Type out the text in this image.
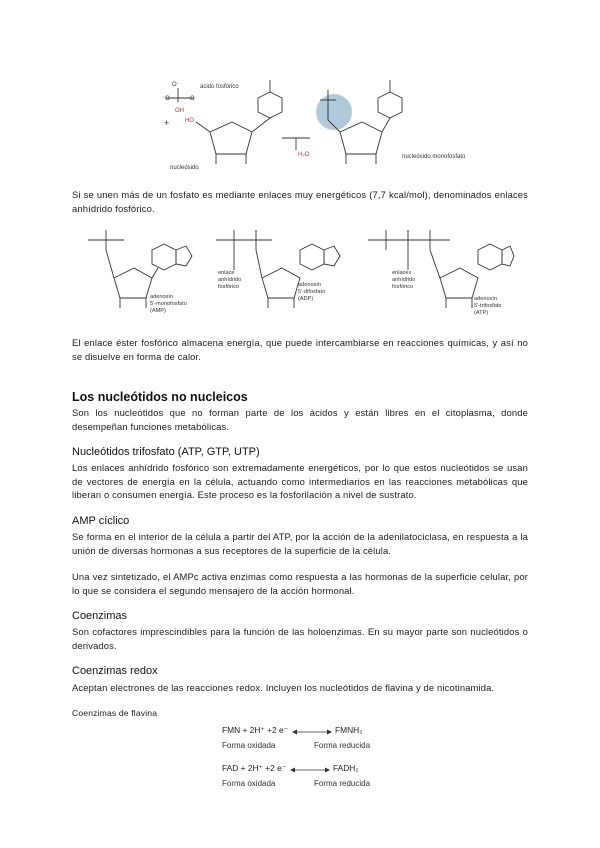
O⁻
⁻O	O
OH
+	HO
H₂O
ácido fosfórico
nucleósido
nucleósido monofosfato
Si se unen más de un fosfato es mediante enlaces muy energéticos (7,7 kcal/mol), denominados enlaces anhídrido fosfórico.
adenosín
5'-monofosfato
(AMP)
adenosín
5'-difosfato
(ADP)	adenosín
5'-trifosfato
(ATP)
enlace
anhídrido
fosfórico
enlaces
anhídrido
fosfórico
El enlace éster fosfórico almacena energía, que puede intercambiarse en reacciones químicas, y así no se disuelve en forma de calor.
Los nucleótidos no nucleicos
Son los nucleótidos que no forman parte de los ácidos y están libres en el citoplasma, donde desempeñan funciones metabólicas.
Nucleótidos trifosfato (ATP, GTP, UTP)
Los enlaces anhídrido fosfórico son extremadamente energéticos, por lo que estos nucleótidos se usan de vectores de energía en la célula, actuando como intermediarios en las reacciones metabólicas que liberan o consumen energía. Este proceso es la fosforilación a nivel de sustrato.
AMP cíclico
Se forma en el interior de la célula a partir del ATP, por la acción de la adenilatociclasa, en respuesta a la unión de diversas hormonas a sus receptores de la superficie de la célula.
Una vez sintetizado, el AMPc activa enzimas como respuesta a las hormonas de la superficie celular, por lo que se considera el segundo mensajero de la acción hormonal.
Coenzimas
Son cofactores imprescindibles para la función de las holoenzimas. En su mayor parte son nucleótidos o derivados.
Coenzimas redox
Aceptan electrones de las reacciones redox. Incluyen los nucleótidos de flavina y de nicotinamida.
Coenzimas de flavina
FMN + 2H⁺ +2 e⁻	FMNH₂
Forma oxidada	Forma reducida
FAD + 2H⁺ +2 e⁻	FADH₂
Forma oxidada	Forma reducida
